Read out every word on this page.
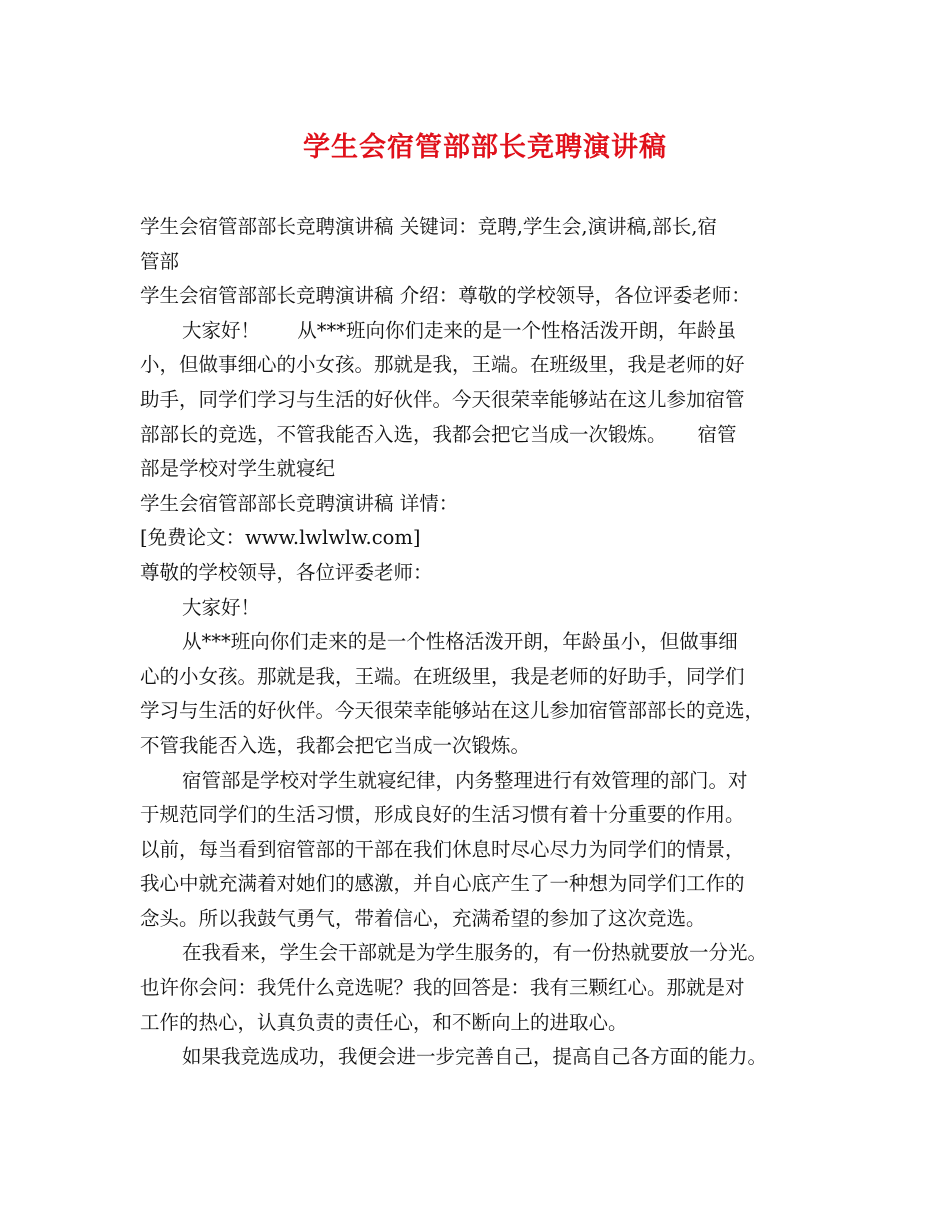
学生会宿管部部长竞聘演讲稿

学生会宿管部部长竞聘演讲稿 关键词：竞聘,学生会,演讲稿,部长,宿

管部

学生会宿管部部长竞聘演讲稿 介绍：尊敬的学校领导，各位评委老师：

大家好！      从***班向你们走来的是一个性格活泼开朗，年龄虽

小，但做事细心的小女孩。那就是我，王端。在班级里，我是老师的好

助手，同学们学习与生活的好伙伴。今天很荣幸能够站在这儿参加宿管

部部长的竞选，不管我能否入选，我都会把它当成一次锻炼。     宿管

部是学校对学生就寝纪

学生会宿管部部长竞聘演讲稿 详情：

[免费论文：www.lwlwlw.com]

尊敬的学校领导，各位评委老师：

大家好！

从***班向你们走来的是一个性格活泼开朗，年龄虽小，但做事细

心的小女孩。那就是我，王端。在班级里，我是老师的好助手，同学们

学习与生活的好伙伴。今天很荣幸能够站在这儿参加宿管部部长的竞选，

不管我能否入选，我都会把它当成一次锻炼。

宿管部是学校对学生就寝纪律，内务整理进行有效管理的部门。对

于规范同学们的生活习惯，形成良好的生活习惯有着十分重要的作用。

以前，每当看到宿管部的干部在我们休息时尽心尽力为同学们的情景，

我心中就充满着对她们的感激，并自心底产生了一种想为同学们工作的

念头。所以我鼓气勇气，带着信心，充满希望的参加了这次竞选。

在我看来，学生会干部就是为学生服务的，有一份热就要放一分光。

也许你会问：我凭什么竞选呢？我的回答是：我有三颗红心。那就是对

工作的热心，认真负责的责任心，和不断向上的进取心。

如果我竞选成功，我便会进一步完善自己，提高自己各方面的能力。
